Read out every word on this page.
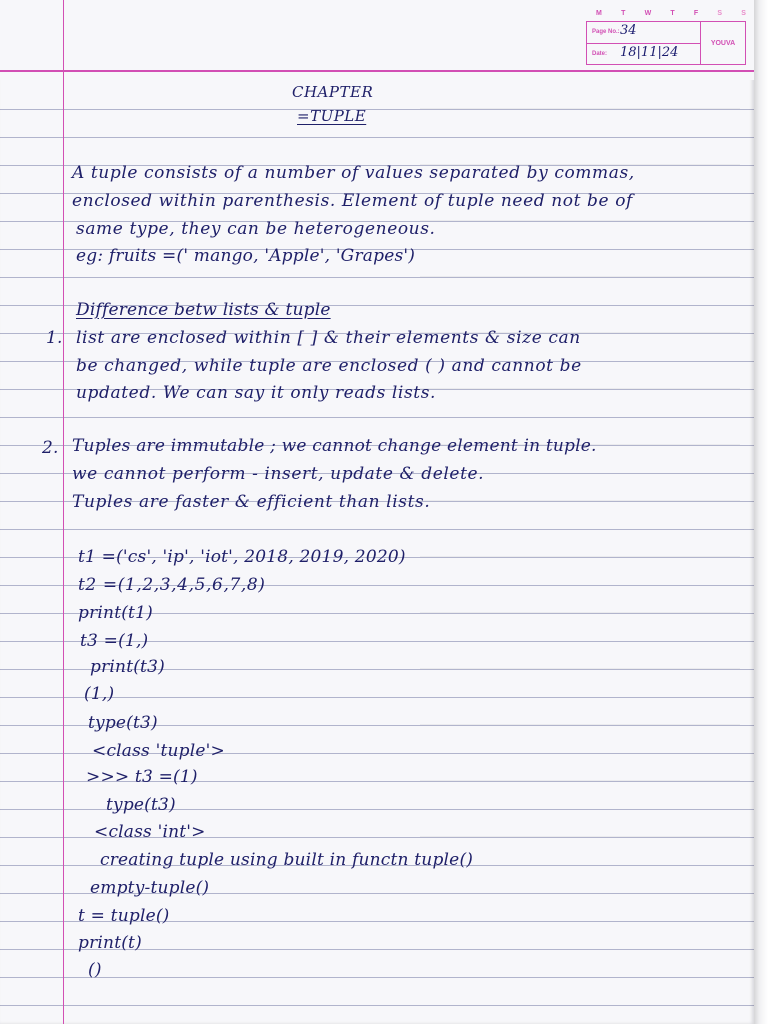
M	T	W	T	F	S	S
Page No.: 34
Date: 18|11|24
YOUVA

CHAPTER

=TUPLE

A tuple consists of a number of values separated by commas,

enclosed within parenthesis. Element of tuple need not be of

same type, they can be heterogeneous.

eg: fruits =(' mango, 'Apple', 'Grapes')

Difference betw lists & tuple

1. list are enclosed within [ ] & their elements & size can

be changed, while tuple are enclosed ( ) and cannot be

updated. We can say it only reads lists.

2. Tuples are immutable ; we cannot change element in tuple.

we cannot perform - insert, update & delete.

Tuples are faster & efficient than lists.

t1 =('cs', 'ip', 'iot', 2018, 2019, 2020)

t2 =(1,2,3,4,5,6,7,8)

print(t1)

t3 =(1,)

print(t3)

(1,)

type(t3)

<class 'tuple'>

>>> t3 =(1)

type(t3)

<class 'int'>

creating tuple using built in functn tuple()

empty-tuple()

t = tuple()

print(t)

()
